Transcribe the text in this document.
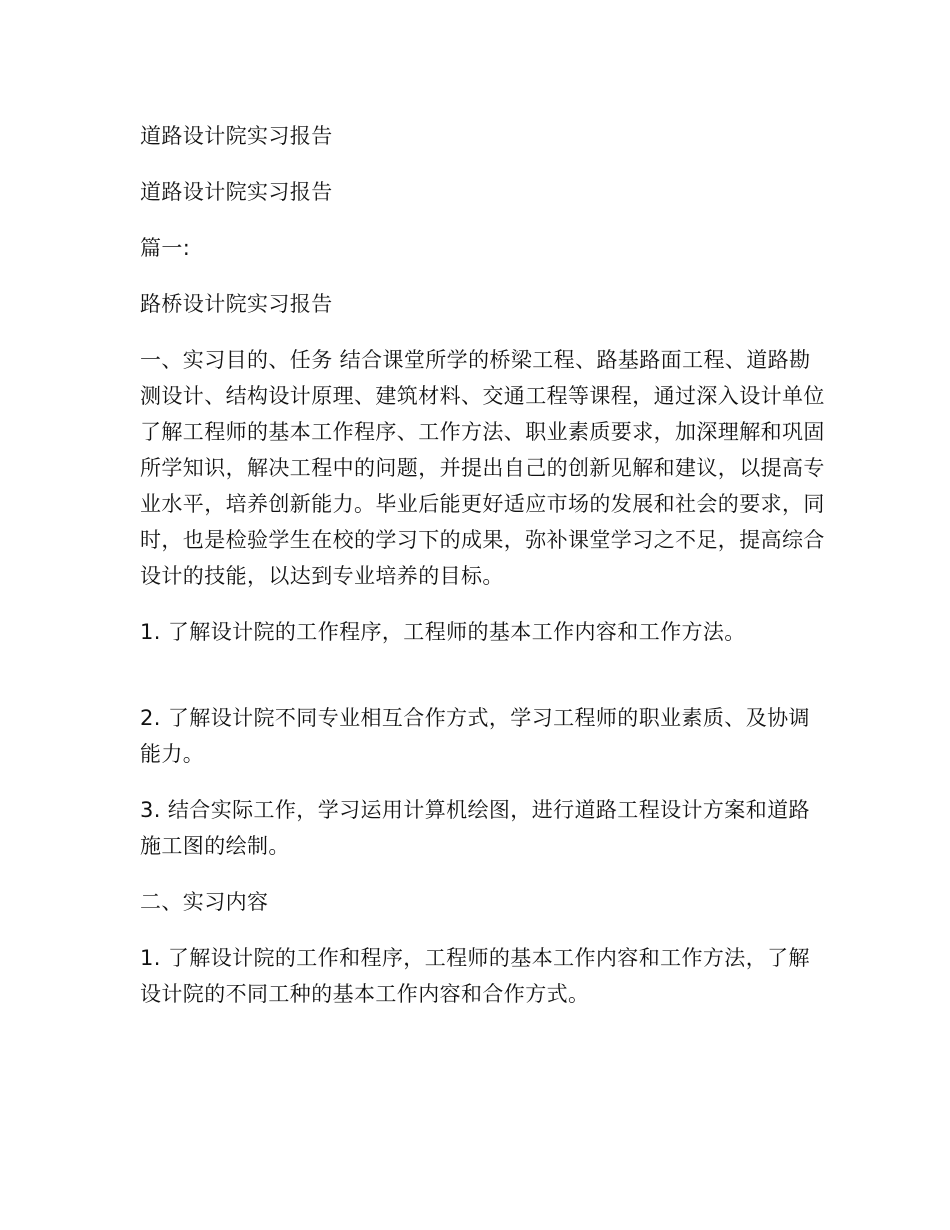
道路设计院实习报告

道路设计院实习报告

篇一:

路桥设计院实习报告

一、实习目的、任务 结合课堂所学的桥梁工程、路基路面工程、道路勘测设计、结构设计原理、建筑材料、交通工程等课程，通过深入设计单位了解工程师的基本工作程序、工作方法、职业素质要求，加深理解和巩固所学知识，解决工程中的问题，并提出自己的创新见解和建议，以提高专业水平，培养创新能力。毕业后能更好适应市场的发展和社会的要求，同时，也是检验学生在校的学习下的成果，弥补课堂学习之不足，提高综合设计的技能，以达到专业培养的目标。

1. 了解设计院的工作程序，工程师的基本工作内容和工作方法。

2. 了解设计院不同专业相互合作方式，学习工程师的职业素质、及协调能力。

3. 结合实际工作，学习运用计算机绘图，进行道路工程设计方案和道路施工图的绘制。

二、实习内容

1. 了解设计院的工作和程序，工程师的基本工作内容和工作方法，了解设计院的不同工种的基本工作内容和合作方式。
